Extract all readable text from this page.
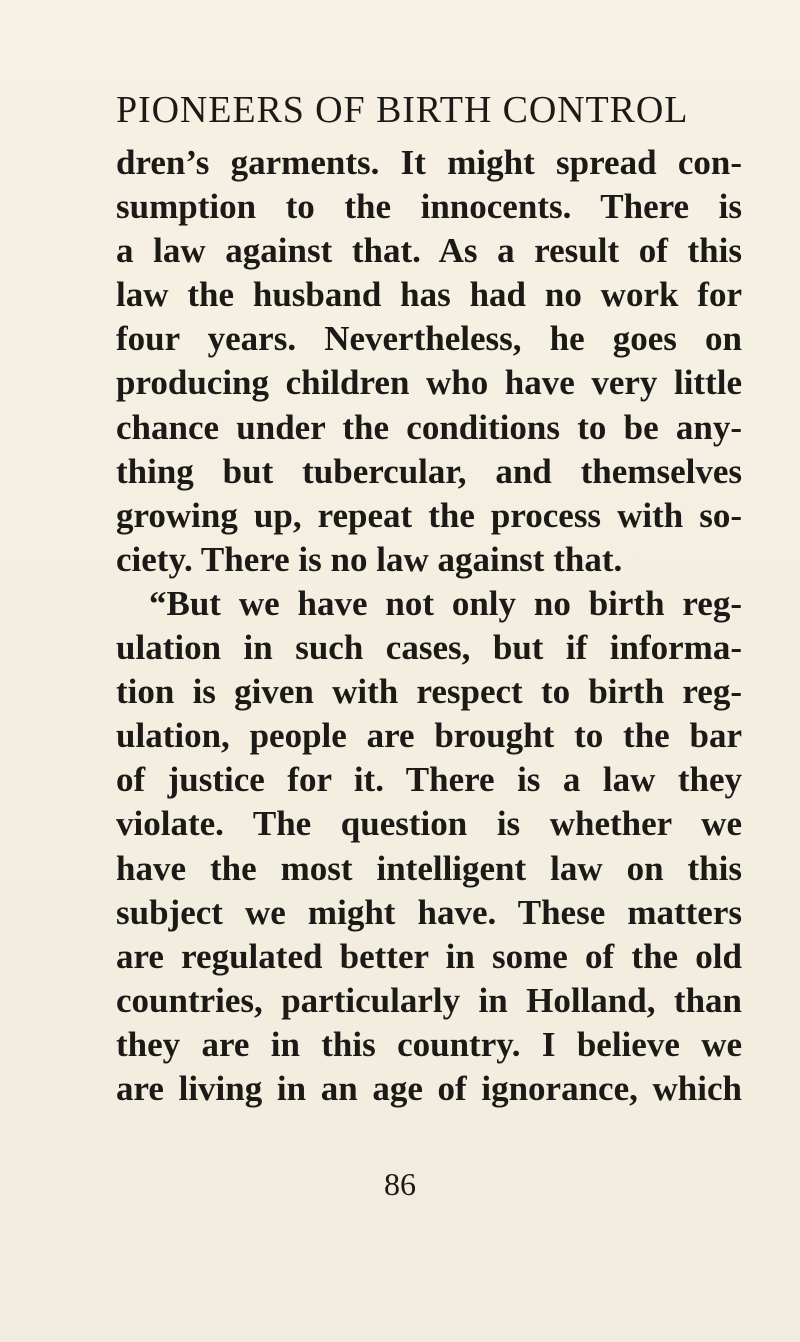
PIONEERS OF BIRTH CONTROL
dren’s garments. It might spread con-
sumption to the innocents. There is
a law against that. As a result of this
law the husband has had no work for
four years. Nevertheless, he goes on
producing children who have very little
chance under the conditions to be any-
thing but tubercular, and themselves
growing up, repeat the process with so-
ciety. There is no law against that.
“But we have not only no birth reg-
ulation in such cases, but if informa-
tion is given with respect to birth reg-
ulation, people are brought to the bar
of justice for it. There is a law they
violate. The question is whether we
have the most intelligent law on this
subject we might have. These matters
are regulated better in some of the old
countries, particularly in Holland, than
they are in this country. I believe we
are living in an age of ignorance, which
86
